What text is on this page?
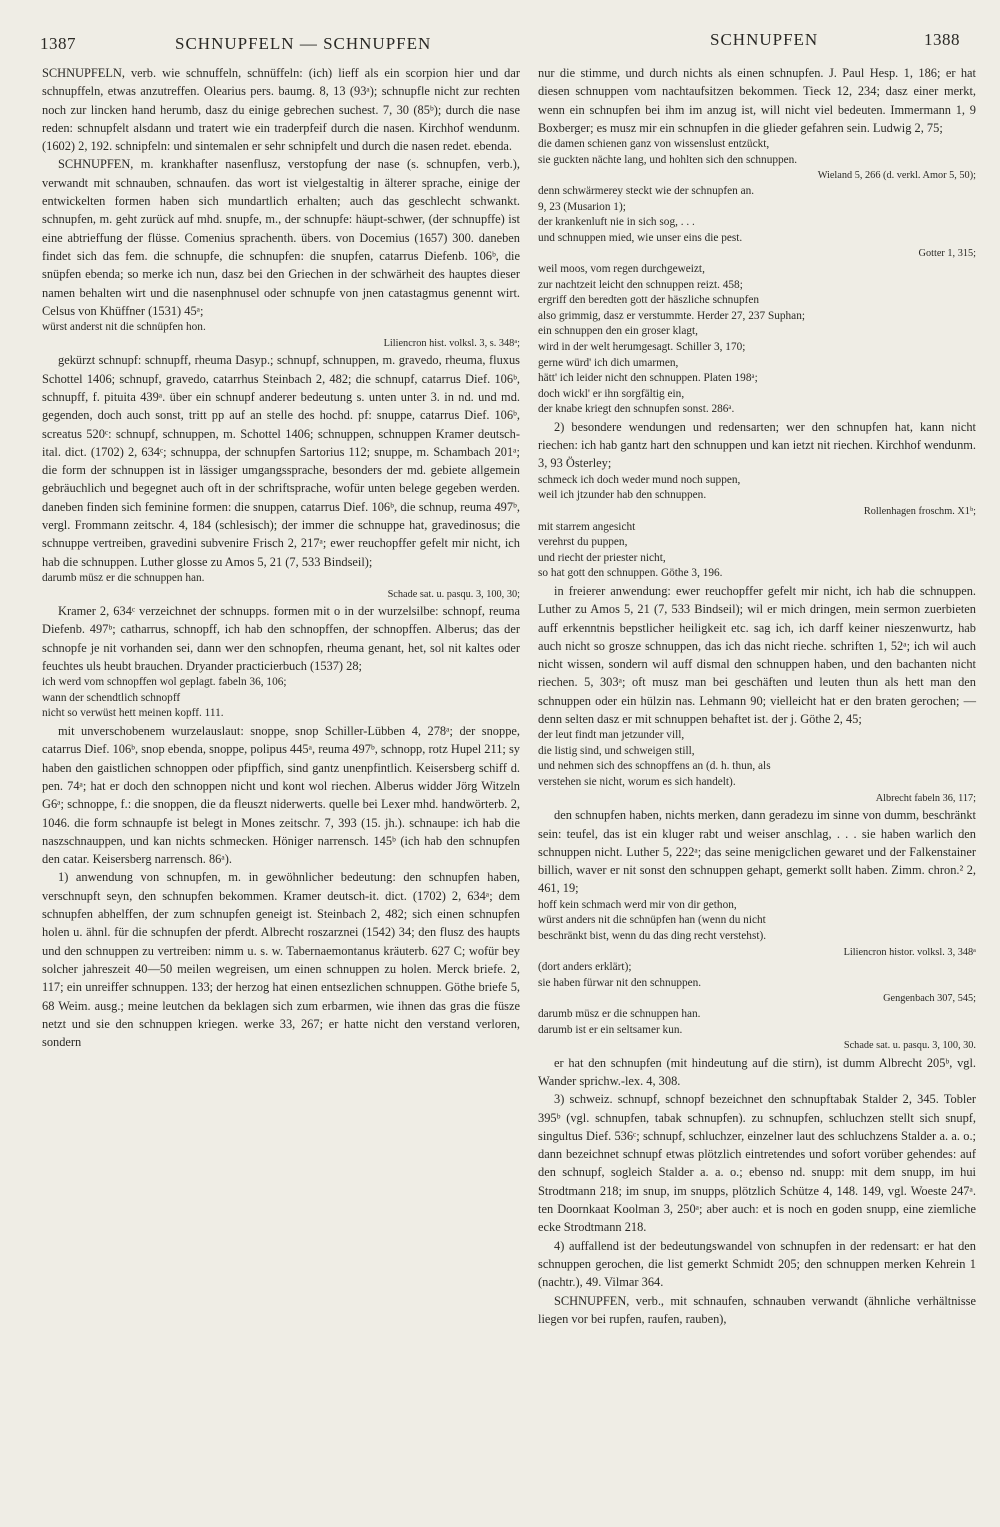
1387	SCHNUPFELN — SCHNUPFEN	SCHNUPFEN	1388

SCHNUPFELN, verb. wie schnuffeln, schnüffeln: (ich) lieff als ein scorpion hier und dar schnupffeln, etwas anzutreffen. Olearius pers. baumg. 8, 13 (93ᵃ); schnupfle nicht zur rechten noch zur lincken hand herumb, dasz du einige gebrechen suchest. 7, 30 (85ᵇ); durch die nase reden: schnupfelt alsdann und tratert wie ein traderpfeif durch die nasen. Kirchhof wendunm. (1602) 2, 192. schnipfeln: und sintemalen er sehr schnipfelt und durch die nasen redet. ebenda.

SCHNUPFEN, m. krankhafter nasenflusz, verstopfung der nase (s. schnupfen, verb.), verwandt mit schnauben, schnaufen. das wort ist vielgestaltig in älterer sprache, einige der entwickelten formen haben sich mundartlich erhalten; auch das geschlecht schwankt. schnupfen, m. geht zurück auf mhd. snupfe, m., der schnupfe: häupt-schwer, (der schnupffe) ist eine abtrieffung der flüsse. Comenius sprachenth. übers. von Docemius (1657) 300. daneben findet sich das fem. die schnupfe, die schnupfen: die snupfen, catarrus Diefenb. 106ᵇ, die snüpfen ebenda; so merke ich nun, dasz bei den Griechen in der schwärheit des hauptes dieser namen behalten wirt und die nasenphnusel oder schnupfe von jnen catastagmus genennt wirt. Celsus von Khüffner (1531) 45ᵃ;

würst anderst nit die schnüpfen hon.
Liliencron hist. volksl. 3, s. 348ᵃ;

gekürzt schnupf: schnupff, rheuma Dasyp.; schnupf, schnuppen, m. gravedo, rheuma, fluxus Schottel 1406; schnupf, gravedo, catarrhus Steinbach 2, 482; die schnupf, catarrus Dief. 106ᵇ, schnupff, f. pituita 439ᵃ. über ein schnupf anderer bedeutung s. unten unter 3. in nd. und md. gegenden, doch auch sonst, tritt pp auf an stelle des hochd. pf: snuppe, catarrus Dief. 106ᵇ, screatus 520ᶜ: schnupf, schnuppen, m. Schottel 1406; schnuppen, schnuppen Kramer deutsch-ital. dict. (1702) 2, 634ᶜ; schnuppa, der schnupfen Sartorius 112; snuppe, m. Schambach 201ᵃ; die form der schnuppen ist in lässiger umgangssprache, besonders der md. gebiete allgemein gebräuchlich und begegnet auch oft in der schriftsprache, wofür unten belege gegeben werden. daneben finden sich feminine formen: die snuppen, catarrus Dief. 106ᵇ, die schnup, reuma 497ᵇ, vergl. Frommann zeitschr. 4, 184 (schlesisch); der immer die schnuppe hat, gravedinosus; die schnuppe vertreiben, gravedini subvenire Frisch 2, 217ᵃ; ewer reuchopffer gefelt mir nicht, ich hab die schnuppen. Luther glosse zu Amos 5, 21 (7, 533 Bindseil);

darumb müsz er die schnuppen han.
Schade sat. u. pasqu. 3, 100, 30;

Kramer 2, 634ᶜ verzeichnet der schnupps. formen mit o in der wurzelsilbe: schnopf, reuma Diefenb. 497ᵇ; catharrus, schnopff, ich hab den schnopffen, der schnopffen. Alberus; das der schnopfe je nit vorhanden sei, dann wer den schnopfen, rheuma genant, het, sol nit kaltes oder feuchtes uls heubt brauchen. Dryander practicierbuch (1537) 28;

ich werd vom schnopffen wol geplagt. fabeln 36, 106;
wann der schendtlich schnopff
nicht so verwüst hett meinen kopff. 111.

mit unverschobenem wurzelauslaut: snoppe, snop Schiller-Lübben 4, 278ᵃ; der snoppe, catarrus Dief. 106ᵇ, snop ebenda, snoppe, polipus 445ᵃ, reuma 497ᵇ, schnopp, rotz Hupel 211; sy haben den gaistlichen schnoppen oder pfipffich, sind gantz unenpfintlich. Keisersberg schiff d. pen. 74ᵃ; hat er doch den schnoppen nicht und kont wol riechen. Alberus widder Jörg Witzeln G6ᵃ; schnoppe, f.: die snoppen, die da fleuszt niderwerts. quelle bei Lexer mhd. handwörterb. 2, 1046. die form schnaupfe ist belegt in Mones zeitschr. 7, 393 (15. jh.). schnaupe: ich hab die naszschnauppen, und kan nichts schmecken. Höniger narrensch. 145ᵇ (ich hab den schnupfen den catar. Keisersberg narrensch. 86ᵃ).

1) anwendung von schnupfen, m. in gewöhnlicher bedeutung: den schnupfen haben, verschnupft seyn, den schnupfen bekommen. Kramer deutsch-it. dict. (1702) 2, 634ᵃ; dem schnupfen abhelffen, der zum schnupfen geneigt ist. Steinbach 2, 482; sich einen schnupfen holen u. ähnl. für die schnupfen der pferdt. Albrecht roszarznei (1542) 34; den flusz des haupts und den schnuppen zu vertreiben: nimm u. s. w. Tabernaemontanus kräuterb. 627 C; wofür bey solcher jahreszeit 40—50 meilen wegreisen, um einen schnuppen zu holen. Merck briefe. 2, 117; ein unreiffer schnuppen. 133; der herzog hat einen entsezlichen schnuppen. Göthe briefe 5, 68 Weim. ausg.; meine leutchen da beklagen sich zum erbarmen, wie ihnen das gras die füsze netzt und sie den schnuppen kriegen. werke 33, 267; er hatte nicht den verstand verloren, sondern

nur die stimme, und durch nichts als einen schnupfen. J. Paul Hesp. 1, 186; er hat diesen schnuppen vom nachtaufsitzen bekommen. Tieck 12, 234; dasz einer merkt, wenn ein schnupfen bei ihm im anzug ist, will nicht viel bedeuten. Immermann 1, 9 Boxberger; es musz mir ein schnupfen in die glieder gefahren sein. Ludwig 2, 75;

die damen schienen ganz von wissenslust entzückt,
sie guckten nächte lang, und hohlten sich den schnuppen.
Wieland 5, 266 (d. verkl. Amor 5, 50);
denn schwärmerey steckt wie der schnupfen an.
9, 23 (Musarion 1);
der krankenluft nie in sich sog, . . .
und schnuppen mied, wie unser eins die pest.
Gotter 1, 315;
weil moos, vom regen durchgeweizt,
zur nachtzeit leicht den schnuppen reizt. 458;
ergriff den beredten gott der häszliche schnupfen
also grimmig, dasz er verstummte. Herder 27, 237 Suphan;
ein schnuppen den ein groser klagt,
wird in der welt herumgesagt. Schiller 3, 170;
gerne würd' ich dich umarmen,
hätt' ich leider nicht den schnuppen. Platen 198ᵃ;
doch wickl' er ihn sorgfältig ein,
der knabe kriegt den schnupfen sonst. 286ᵃ.

2) besondere wendungen und redensarten; wer den schnupfen hat, kann nicht riechen: ich hab gantz hart den schnuppen und kan ietzt nit riechen. Kirchhof wendunm. 3, 93 Österley;

schmeck ich doch weder mund noch suppen,
weil ich jtzunder hab den schnuppen.
Rollenhagen froschm. X1ᵇ;
mit starrem angesicht
verehrst du puppen,
und riecht der priester nicht,
so hat gott den schnuppen. Göthe 3, 196.

in freierer anwendung: ewer reuchopffer gefelt mir nicht, ich hab die schnuppen. Luther zu Amos 5, 21 (7, 533 Bindseil); wil er mich dringen, mein sermon zuerbieten auff erkenntnis bepstlicher heiligkeit etc. sag ich, ich darff keiner nieszenwurtz, hab auch nicht so grosze schnuppen, das ich das nicht rieche. schriften 1, 52ᵃ; ich wil auch nicht wissen, sondern wil auff dismal den schnuppen haben, und den bachanten nicht riechen. 5, 303ᵃ; oft musz man bei geschäften und leuten thun als hett man den schnuppen oder ein hülzin nas. Lehmann 90; vielleicht hat er den braten gerochen; — denn selten dasz er mit schnuppen behaftet ist. der j. Göthe 2, 45;

der leut findt man jetzunder vill,
die listig sind, und schweigen still,
und nehmen sich des schnopffens an (d. h. thun, als
verstehen sie nicht, worum es sich handelt).
Albrecht fabeln 36, 117;

den schnupfen haben, nichts merken, dann geradezu im sinne von dumm, beschränkt sein: teufel, das ist ein kluger rabt und weiser anschlag, . . . sie haben warlich den schnuppen nicht. Luther 5, 222ᵃ; das seine menigclichen gewaret und der Falkenstainer billich, waver er nit sonst den schnuppen gehapt, gemerkt sollt haben. Zimm. chron.² 2, 461, 19;

hoff kein schmach werd mir von dir gethon,
würst anders nit die schnüpfen han (wenn du nicht
beschränkt bist, wenn du das ding recht verstehst).
Liliencron histor. volksl. 3, 348ᵃ
(dort anders erklärt);
sie haben fürwar nit den schnuppen.
Gengenbach 307, 545;
darumb müsz er die schnuppen han.
darumb ist er ein seltsamer kun.
Schade sat. u. pasqu. 3, 100, 30.

er hat den schnupfen (mit hindeutung auf die stirn), ist dumm Albrecht 205ᵇ, vgl. Wander sprichw.-lex. 4, 308.

3) schweiz. schnupf, schnopf bezeichnet den schnupftabak Stalder 2, 345. Tobler 395ᵇ (vgl. schnupfen, tabak schnupfen). zu schnupfen, schluchzen stellt sich snupf, singultus Dief. 536ᶜ; schnupf, schluchzer, einzelner laut des schluchzens Stalder a. a. o.; dann bezeichnet schnupf etwas plötzlich eintretendes und sofort vorüber gehendes: auf den schnupf, sogleich Stalder a. a. o.; ebenso nd. snupp: mit dem snupp, im hui Strodtmann 218; im snup, im snupps, plötzlich Schütze 4, 148. 149, vgl. Woeste 247ᵃ. ten Doornkaat Koolman 3, 250ᵃ; aber auch: et is noch en goden snupp, eine ziemliche ecke Strodtmann 218.

4) auffallend ist der bedeutungswandel von schnupfen in der redensart: er hat den schnuppen gerochen, die list gemerkt Schmidt 205; den schnuppen merken Kehrein 1 (nachtr.), 49. Vilmar 364.

SCHNUPFEN, verb., mit schnaufen, schnauben verwandt (ähnliche verhältnisse liegen vor bei rupfen, raufen, rauben),
